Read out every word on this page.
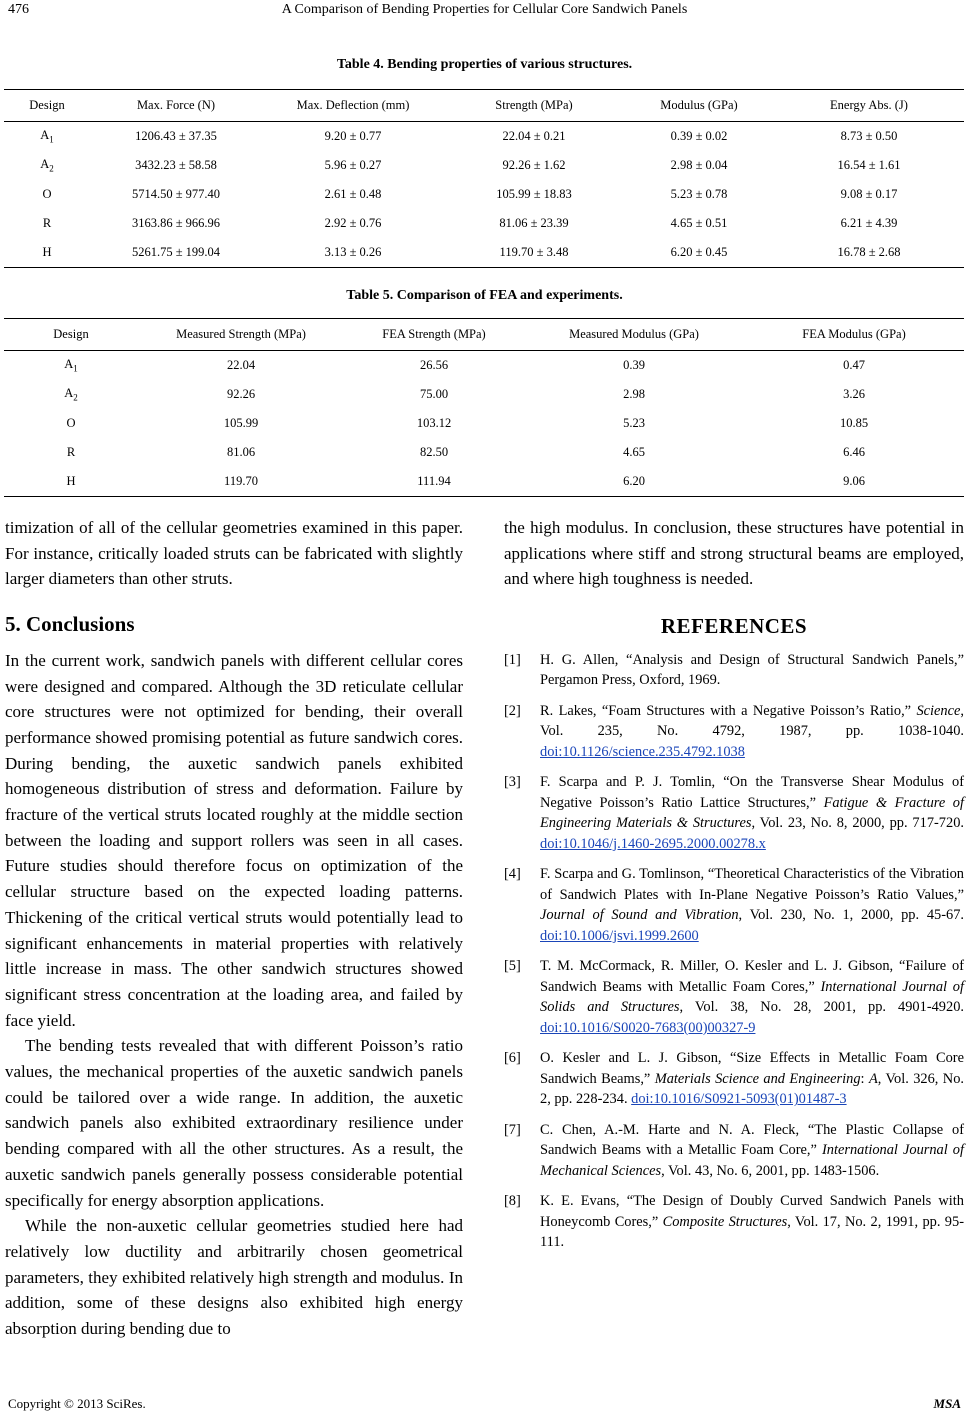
476	A Comparison of Bending Properties for Cellular Core Sandwich Panels
Table 4. Bending properties of various structures.
Design	Max. Force (N)	Max. Deflection (mm)	Strength (MPa)	Modulus (GPa)	Energy Abs. (J)
$A_1$	1206.43 ± 37.35	9.20 ± 0.77	22.04 ± 0.21	0.39 ± 0.02	8.73 ± 0.50
$A_2$	3432.23 ± 58.58	5.96 ± 0.27	92.26 ± 1.62	2.98 ± 0.04	16.54 ± 1.61
O	5714.50 ± 977.40	2.61 ± 0.48	105.99 ± 18.83	5.23 ± 0.78	9.08 ± 0.17
R	3163.86 ± 966.96	2.92 ± 0.76	81.06 ± 23.39	4.65 ± 0.51	6.21 ± 4.39
H	5261.75 ± 199.04	3.13 ± 0.26	119.70 ± 3.48	6.20 ± 0.45	16.78 ± 2.68
Table 5. Comparison of FEA and experiments.
Design	Measured Strength (MPa)	FEA Strength (MPa)	Measured Modulus (GPa)	FEA Modulus (GPa)
$A_1$	22.04	26.56	0.39	0.47
$A_2$	92.26	75.00	2.98	3.26
O	105.99	103.12	5.23	10.85
R	81.06	82.50	4.65	6.46
H	119.70	111.94	6.20	9.06

timization of all of the cellular geometries examined in this paper. For instance, critically loaded struts can be fabricated with slightly larger diameters than other struts.

5. Conclusions

In the current work, sandwich panels with different cellular cores were designed and compared. Although the 3D reticulate cellular core structures were not optimized for bending, their overall performance showed promising potential as future sandwich cores. During bending, the auxetic sandwich panels exhibited homogeneous distribution of stress and deformation. Failure by fracture of the vertical struts located roughly at the middle section between the loading and support rollers was seen in all cases. Future studies should therefore focus on optimization of the cellular structure based on the expected loading patterns. Thickening of the critical vertical struts would potentially lead to significant enhancements in material properties with relatively little increase in mass. The other sandwich structures showed significant stress concentration at the loading area, and failed by face yield.

The bending tests revealed that with different Poisson’s ratio values, the mechanical properties of the auxetic sandwich panels could be tailored over a wide range. In addition, the auxetic sandwich panels also exhibited extraordinary resilience under bending compared with all the other structures. As a result, the auxetic sandwich panels generally possess considerable potential specifically for energy absorption applications.

While the non-auxetic cellular geometries studied here had relatively low ductility and arbitrarily chosen geometrical parameters, they exhibited relatively high strength and modulus. In addition, some of these designs also exhibited high energy absorption during bending due to

the high modulus. In conclusion, these structures have potential in applications where stiff and strong structural beams are employed, and where high toughness is needed.

REFERENCES
[1]	H. G. Allen, “Analysis and Design of Structural Sandwich Panels,” Pergamon Press, Oxford, 1969.
[2]	R. Lakes, “Foam Structures with a Negative Poisson’s Ratio,” Science, Vol. 235, No. 4792, 1987, pp. 1038-1040. doi:10.1126/science.235.4792.1038
[3]	F. Scarpa and P. J. Tomlin, “On the Transverse Shear Modulus of Negative Poisson’s Ratio Lattice Structures,” Fatigue & Fracture of Engineering Materials & Structures, Vol. 23, No. 8, 2000, pp. 717-720. doi:10.1046/j.1460-2695.2000.00278.x
[4]	F. Scarpa and G. Tomlinson, “Theoretical Characteristics of the Vibration of Sandwich Plates with In-Plane Negative Poisson’s Ratio Values,” Journal of Sound and Vibration, Vol. 230, No. 1, 2000, pp. 45-67. doi:10.1006/jsvi.1999.2600
[5]	T. M. McCormack, R. Miller, O. Kesler and L. J. Gibson, “Failure of Sandwich Beams with Metallic Foam Cores,” International Journal of Solids and Structures, Vol. 38, No. 28, 2001, pp. 4901-4920. doi:10.1016/S0020-7683(00)00327-9
[6]	O. Kesler and L. J. Gibson, “Size Effects in Metallic Foam Core Sandwich Beams,” Materials Science and Engineering: A, Vol. 326, No. 2, pp. 228-234. doi:10.1016/S0921-5093(01)01487-3
[7]	C. Chen, A.-M. Harte and N. A. Fleck, “The Plastic Collapse of Sandwich Beams with a Metallic Foam Core,” International Journal of Mechanical Sciences, Vol. 43, No. 6, 2001, pp. 1483-1506.
[8]	K. E. Evans, “The Design of Doubly Curved Sandwich Panels with Honeycomb Cores,” Composite Structures, Vol. 17, No. 2, 1991, pp. 95-111.
Copyright © 2013 SciRes.	MSA
